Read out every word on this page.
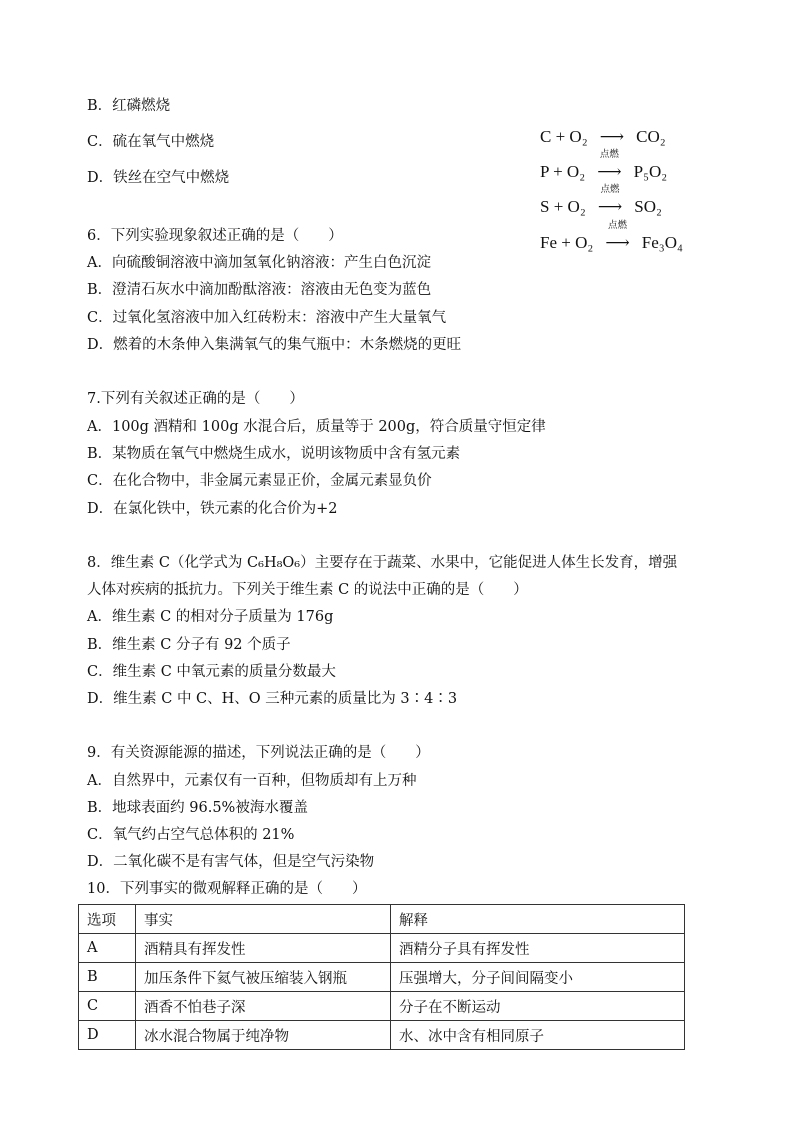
B．红磷燃烧
C．硫在氧气中燃烧
D．铁丝在空气中燃烧
C + O₂ ⟶ CO₂
P + O₂
点燃
⟶ P₅O₂
S + O₂
点燃
⟶ SO₂
Fe + O₂
点燃
⟶ Fe₃O₄
6．下列实验现象叙述正确的是（　　）
A．向硫酸铜溶液中滴加氢氧化钠溶液：产生白色沉淀
B．澄清石灰水中滴加酚酞溶液：溶液由无色变为蓝色
C．过氧化氢溶液中加入红砖粉末：溶液中产生大量氧气
D．燃着的木条伸入集满氧气的集气瓶中：木条燃烧的更旺
7.下列有关叙述正确的是（　　）
A．100g 酒精和 100g 水混合后，质量等于 200g，符合质量守恒定律
B．某物质在氧气中燃烧生成水，说明该物质中含有氢元素
C．在化合物中，非金属元素显正价，金属元素显负价
D．在氯化铁中，铁元素的化合价为+2
8．维生素 C（化学式为 C₆H₈O₆）主要存在于蔬菜、水果中，它能促进人体生长发育，增强
人体对疾病的抵抗力。下列关于维生素 C 的说法中正确的是（　　）
A．维生素 C 的相对分子质量为 176g
B．维生素 C 分子有 92 个质子
C．维生素 C 中氧元素的质量分数最大
D．维生素 C 中 C、H、O 三种元素的质量比为 3∶4∶3
9．有关资源能源的描述，下列说法正确的是（　　）
A．自然界中，元素仅有一百种，但物质却有上万种
B．地球表面约 96.5%被海水覆盖
C．氧气约占空气总体积的 21%
D．二氧化碳不是有害气体，但是空气污染物
10．下列事实的微观解释正确的是（　　）
选项	事实	解释
A	酒精具有挥发性	酒精分子具有挥发性
B	加压条件下氦气被压缩装入钢瓶	压强增大，分子间间隔变小
C	酒香不怕巷子深	分子在不断运动
D	冰水混合物属于纯净物	水、冰中含有相同原子
